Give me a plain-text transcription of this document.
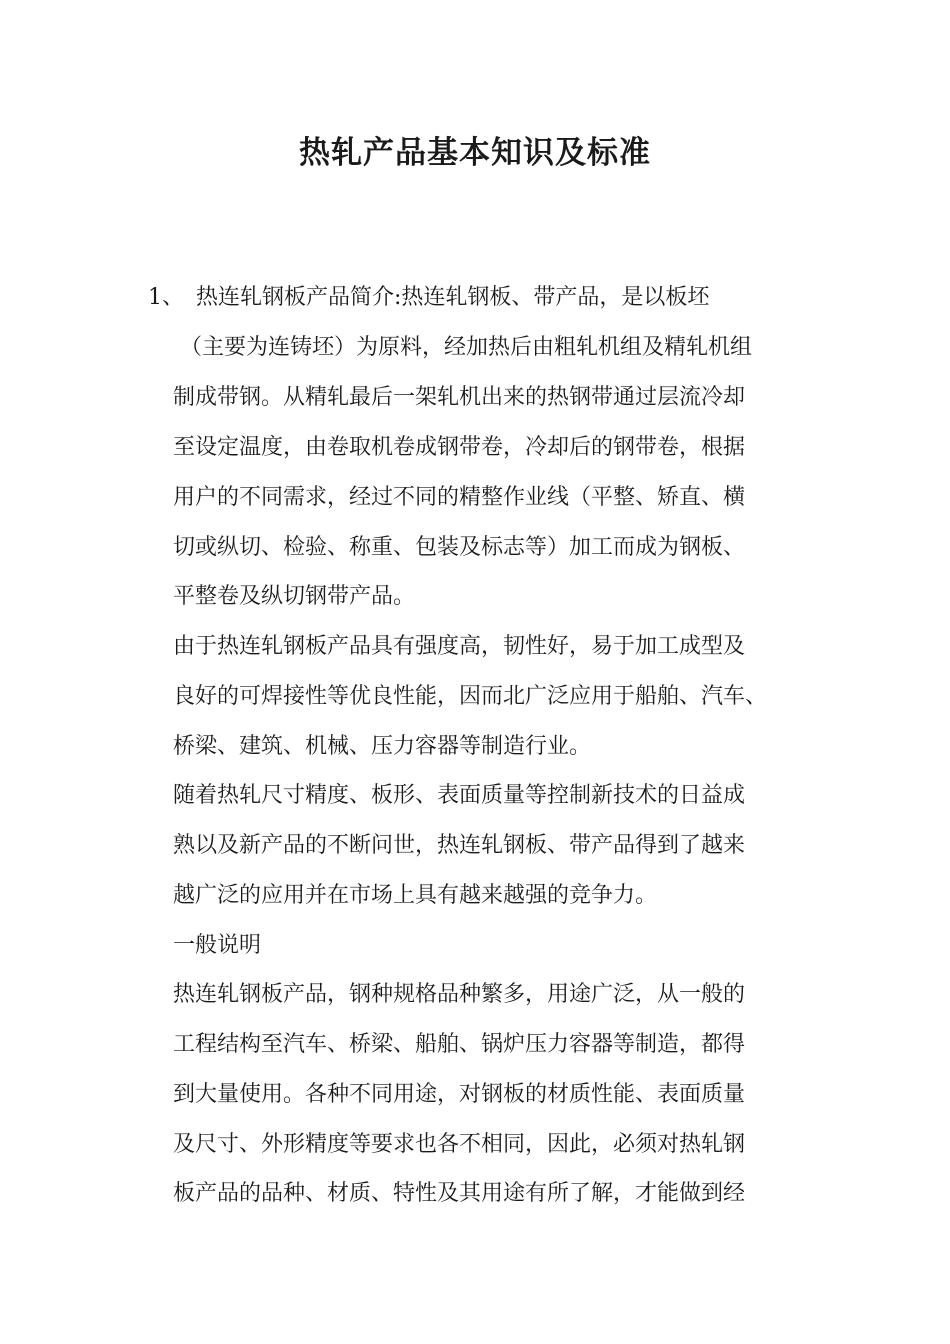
热轧产品基本知识及标准
1、 热连轧钢板产品简介:热连轧钢板、带产品，是以板坯
（主要为连铸坯）为原料，经加热后由粗轧机组及精轧机组
制成带钢。从精轧最后一架轧机出来的热钢带通过层流冷却
至设定温度，由卷取机卷成钢带卷，冷却后的钢带卷，根据
用户的不同需求，经过不同的精整作业线（平整、矫直、横
切或纵切、检验、称重、包装及标志等）加工而成为钢板、
平整卷及纵切钢带产品。
由于热连轧钢板产品具有强度高，韧性好，易于加工成型及
良好的可焊接性等优良性能，因而北广泛应用于船舶、汽车、
桥梁、建筑、机械、压力容器等制造行业。
随着热轧尺寸精度、板形、表面质量等控制新技术的日益成
熟以及新产品的不断问世，热连轧钢板、带产品得到了越来
越广泛的应用并在市场上具有越来越强的竞争力。
一般说明
热连轧钢板产品，钢种规格品种繁多，用途广泛，从一般的
工程结构至汽车、桥梁、船舶、锅炉压力容器等制造，都得
到大量使用。各种不同用途，对钢板的材质性能、表面质量
及尺寸、外形精度等要求也各不相同，因此，必须对热轧钢
板产品的品种、材质、特性及其用途有所了解，才能做到经
